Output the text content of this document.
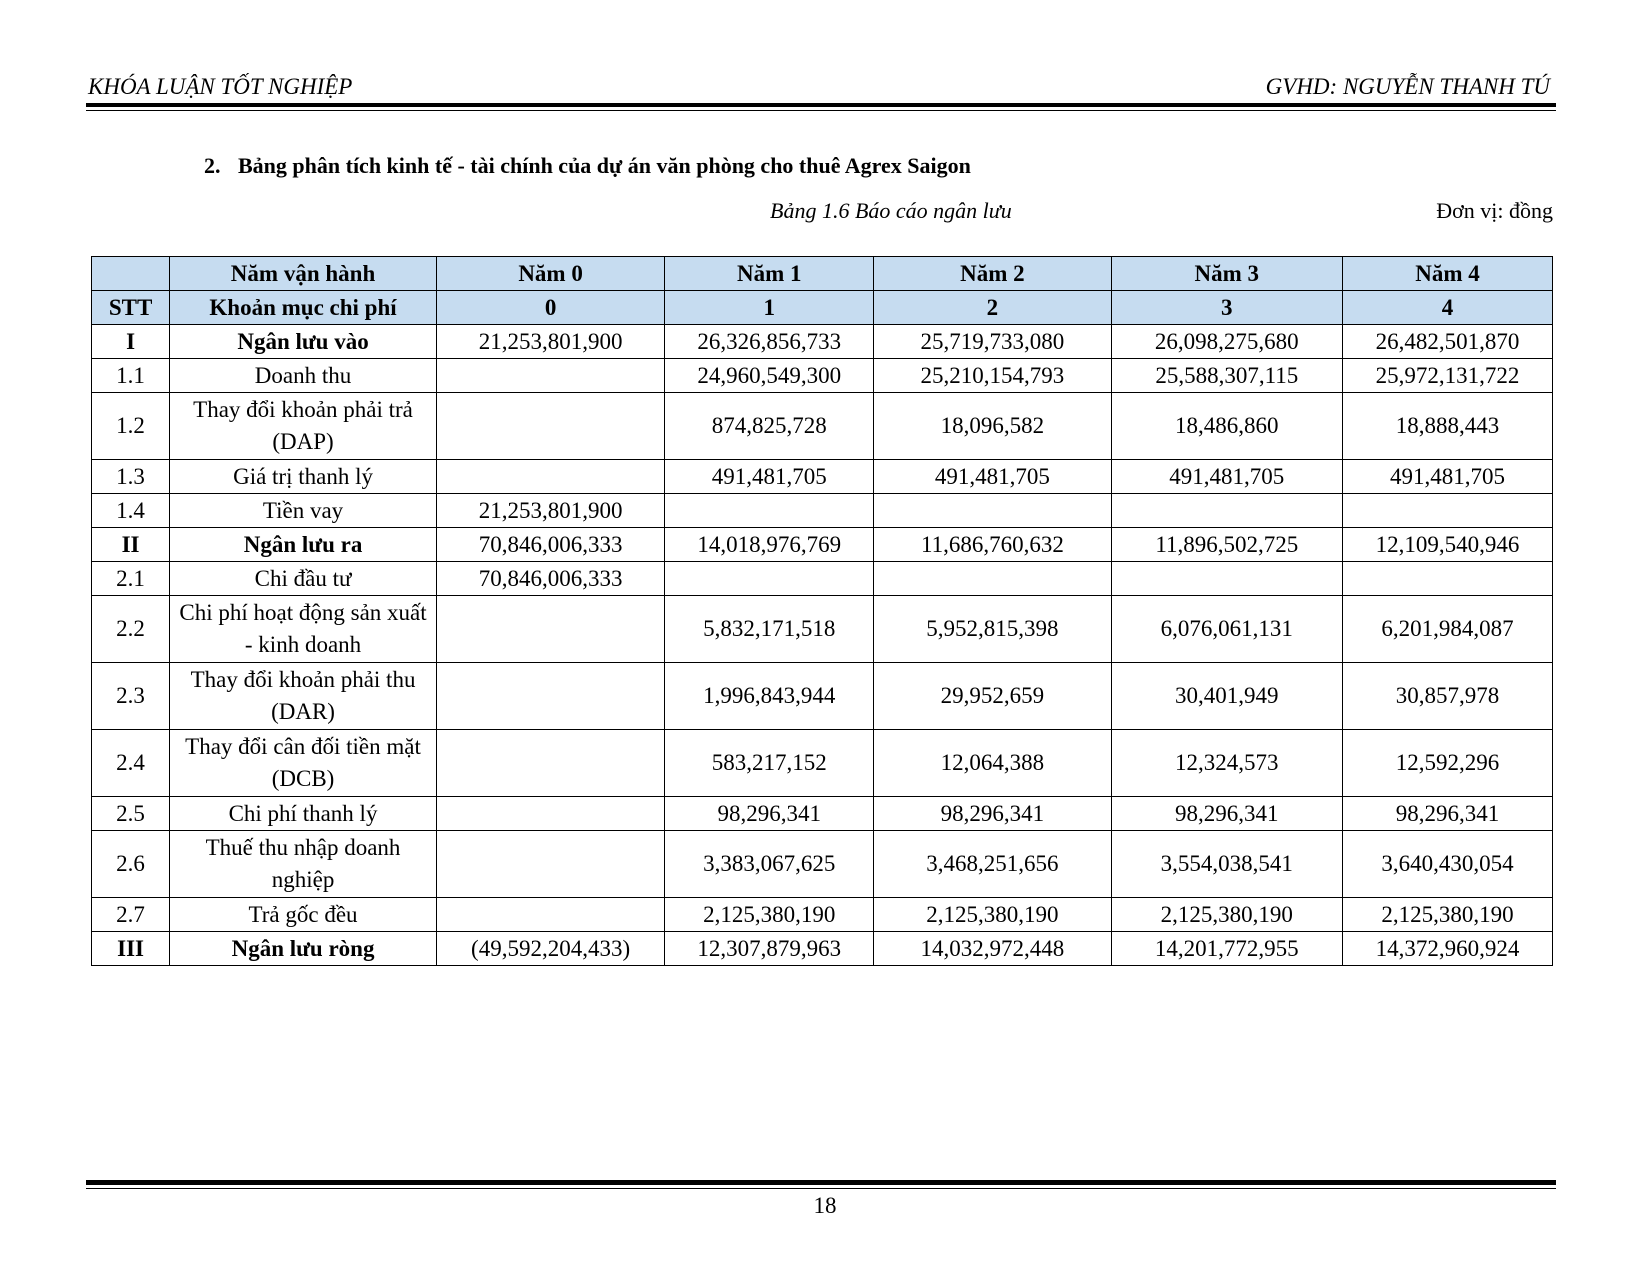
KHÓA LUẬN TỐT NGHIỆP	GVHD: NGUYỄN THANH TÚ
2. Bảng phân tích kinh tế - tài chính của dự án văn phòng cho thuê Agrex Saigon
Bảng 1.6 Báo cáo ngân lưu	Đơn vị: đồng
	Năm vận hành	Năm 0	Năm 1	Năm 2	Năm 3	Năm 4
STT	Khoản mục chi phí	0	1	2	3	4
I	Ngân lưu vào	21,253,801,900	26,326,856,733	25,719,733,080	26,098,275,680	26,482,501,870
1.1	Doanh thu		24,960,549,300	25,210,154,793	25,588,307,115	25,972,131,722
1.2	Thay đổi khoản phải trả (DAP)		874,825,728	18,096,582	18,486,860	18,888,443
1.3	Giá trị thanh lý		491,481,705	491,481,705	491,481,705	491,481,705
1.4	Tiền vay	21,253,801,900				
II	Ngân lưu ra	70,846,006,333	14,018,976,769	11,686,760,632	11,896,502,725	12,109,540,946
2.1	Chi đầu tư	70,846,006,333				
2.2	Chi phí hoạt động sản xuất - kinh doanh		5,832,171,518	5,952,815,398	6,076,061,131	6,201,984,087
2.3	Thay đổi khoản phải thu (DAR)		1,996,843,944	29,952,659	30,401,949	30,857,978
2.4	Thay đổi cân đối tiền mặt (DCB)		583,217,152	12,064,388	12,324,573	12,592,296
2.5	Chi phí thanh lý		98,296,341	98,296,341	98,296,341	98,296,341
2.6	Thuế thu nhập doanh nghiệp		3,383,067,625	3,468,251,656	3,554,038,541	3,640,430,054
2.7	Trả gốc đều		2,125,380,190	2,125,380,190	2,125,380,190	2,125,380,190
III	Ngân lưu ròng	(49,592,204,433)	12,307,879,963	14,032,972,448	14,201,772,955	14,372,960,924
18
